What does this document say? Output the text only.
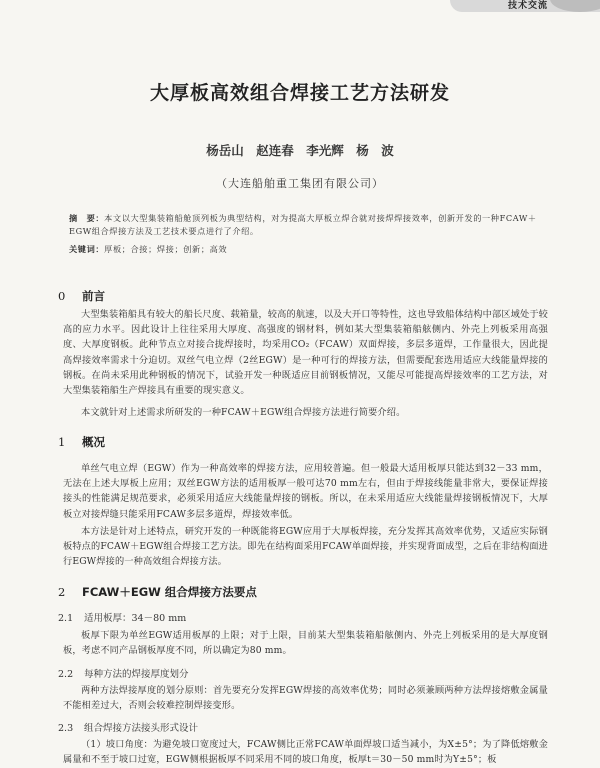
技术交流
大厚板高效组合焊接工艺方法研发
杨岳山　赵连春　李光辉　杨　波
（大连船舶重工集团有限公司）
摘　要：本文以大型集装箱船舱顶列板为典型结构，对为提高大厚板立焊合就对接焊焊接效率，创新开发的一种FCAW＋EGW组合焊接方法及工艺技术要点进行了介绍。
关键词：厚板；合接；焊接；创新；高效
0 前言
大型集装箱船具有较大的船长尺度、载箱量，较高的航速，以及大开口等特性，这也导致船体结构中部区域处于较高的应力水平。因此设计上往往采用大厚度、高强度的钢材料，例如某大型集装箱船舷侧内、外壳上列板采用高强度、大厚度钢板。此种节点立对接合拢焊接时，均采用CO₂（FCAW）双面焊接，多层多道焊，工作量很大，因此提高焊接效率需求十分迫切。双丝气电立焊（2丝EGW）是一种可行的焊接方法，但需要配套选用适应大线能量焊接的钢板。在尚未采用此种钢板的情况下，试验开发一种既适应目前钢板情况，又能尽可能提高焊接效率的工艺方法，对大型集装箱船生产焊接具有重要的现实意义。
本文就针对上述需求所研发的一种FCAW＋EGW组合焊接方法进行简要介绍。
1 概况
单丝气电立焊（EGW）作为一种高效率的焊接方法，应用较普遍。但一般最大适用板厚只能达到32－33 mm，无法在上述大厚板上应用；双丝EGW方法的适用板厚一般可达70 mm左右，但由于焊接线能量非常大，要保证焊接接头的性能满足规范要求，必须采用适应大线能量焊接的钢板。所以，在未采用适应大线能量焊接钢板情况下，大厚板立对接焊缝只能采用FCAW多层多道焊，焊接效率低。
本方法是针对上述特点，研究开发的一种既能将EGW应用于大厚板焊接，充分发挥其高效率优势，又适应实际钢板特点的FCAW＋EGW组合焊接工艺方法。即先在结构面采用FCAW单面焊接，并实现背面成型，之后在非结构面进行EGW焊接的一种高效组合焊接方法。
2 FCAW＋EGW 组合焊接方法要点
2.1 适用板厚：34－80 mm
板厚下限为单丝EGW适用板厚的上限；对于上限，目前某大型集装箱船舷侧内、外壳上列板采用的是大厚度钢板，考虑不同产品钢板厚度不同，所以确定为80 mm。
2.2 每种方法的焊接厚度划分
两种方法焊接厚度的划分原则：首先要充分发挥EGW焊接的高效率优势；同时必须兼顾两种方法焊接熔敷金属量不能相差过大，否则会较难控制焊接变形。
2.3 组合焊接方法接头形式设计
（1）坡口角度：为避免坡口宽度过大，FCAW侧比正常FCAW单面焊坡口适当减小，为X±5°；为了降低熔敷金属量和不至于坡口过宽，EGW侧根据板厚不同采用不同的坡口角度，板厚t＝30－50 mm时为Y±5°；板
